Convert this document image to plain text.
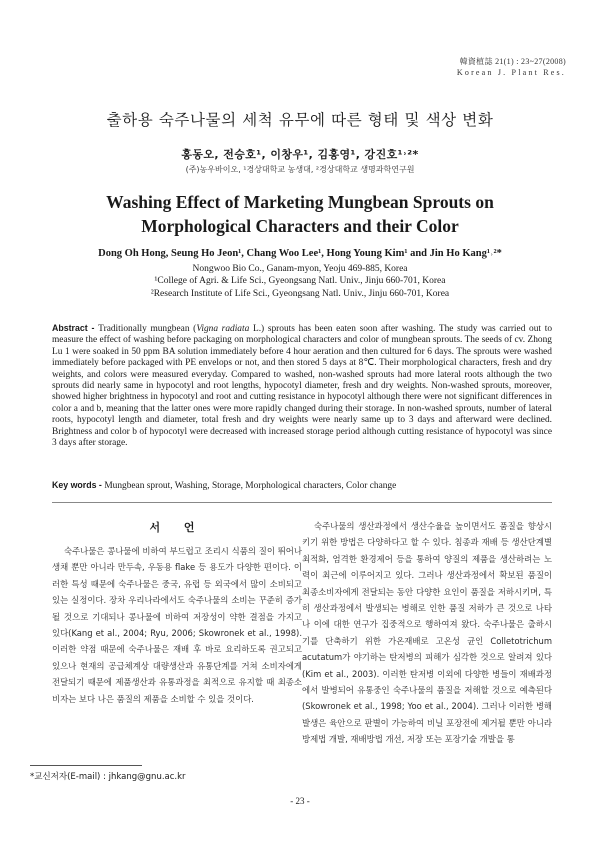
韓資植誌 21(1) : 23~27(2008)
Korean J. Plant Res.
출하용 숙주나물의 세척 유무에 따른 형태 및 색상 변화
홍동오, 전승호¹, 이창우¹, 김홍영¹, 강진호¹˒²*
(주)농우바이오, ¹경상대학교 농생대, ²경상대학교 생명과학연구원
Washing Effect of Marketing Mungbean Sprouts on
Morphological Characters and their Color
Dong Oh Hong, Seung Ho Jeon¹, Chang Woo Lee¹, Hong Young Kim¹ and Jin Ho Kang¹˒²*
Nongwoo Bio Co., Ganam-myon, Yeoju 469-885, Korea
¹College of Agri. & Life Sci., Gyeongsang Natl. Univ., Jinju 660-701, Korea
²Research Institute of Life Sci., Gyeongsang Natl. Univ., Jinju 660-701, Korea
Abstract - Traditionally mungbean (Vigna radiata L.) sprouts has been eaten soon after washing. The study was carried out to measure the effect of washing before packaging on morphological characters and color of mungbean sprouts. The seeds of cv. Zhong Lu 1 were soaked in 50 ppm BA solution immediately before 4 hour aeration and then cultured for 6 days. The sprouts were washed immediately before packaged with PE envelops or not, and then stored 5 days at 8℃. Their morphological characters, fresh and dry weights, and colors were measured everyday. Compared to washed, non-washed sprouts had more lateral roots although the two sprouts did nearly same in hypocotyl and root lengths, hypocotyl diameter, fresh and dry weights. Non-washed sprouts, moreover, showed higher brightness in hypocotyl and root and cutting resistance in hypocotyl although there were not significant differences in color a and b, meaning that the latter ones were more rapidly changed during their storage. In non-washed sprouts, number of lateral roots, hypocotyl length and diameter, total fresh and dry weights were nearly same up to 3 days and afterward were declined. Brightness and color b of hypocotyl were decreased with increased storage period although cutting resistance of hypocotyl was since 3 days after storage.
Key words - Mungbean sprout, Washing, Storage, Morphological characters, Color change
서 언

숙주나물은 콩나물에 비하여 부드럽고 조리시 식품의 질이 뛰어나 생채 뿐만 아니라 만두속, 우동용 flake 등 용도가 다양한 편이다. 이러한 특성 때문에 숙주나물은 중국, 유럽 등 외국에서 많이 소비되고 있는 실정이다. 장차 우리나라에서도 숙주나물의 소비는 꾸준히 증가될 것으로 기대되나 콩나물에 비하여 저장성이 약한 결점을 가지고 있다(Kang et al., 2004; Ryu, 2006; Skowronek et al., 1998). 이러한 약점 때문에 숙주나물은 재배 후 바로 요리하도록 권고되고 있으나 현재의 공급체계상 대량생산과 유통단계를 거쳐 소비자에게 전달되기 때문에 제품생산과 유통과정을 최적으로 유지할 때 최종소비자는 보다 나은 품질의 제품을 소비할 수 있을 것이다.

숙주나물의 생산과정에서 생산수율을 높이면서도 품질을 향상시키기 위한 방법은 다양하다고 할 수 있다. 침종과 재배 등 생산단계별 최적화, 엄격한 환경제어 등을 통하여 양질의 제품을 생산하려는 노력이 최근에 이루어지고 있다. 그러나 생산과정에서 확보된 품질이 최종소비자에게 전달되는 동안 다양한 요인이 품질을 저하시키며, 특히 생산과정에서 발생되는 병해로 인한 품질 저하가 큰 것으로 나타나 이에 대한 연구가 집중적으로 행하여져 왔다. 숙주나물은 출하시기를 단축하기 위한 가온재배로 고온성 균인 Colletotrichum acutatum가 야기하는 탄저병의 피해가 심각한 것으로 알려져 있다(Kim et al., 2003). 이러한 탄저병 이외에 다양한 병들이 재배과정에서 발병되어 유통중인 숙주나물의 품질을 저해할 것으로 예측된다(Skowronek et al., 1998; Yoo et al., 2004). 그러나 이러한 병해발생은 육안으로 판별이 가능하여 비닐 포장전에 제거될 뿐만 아니라 방제법 개발, 재배방법 개선, 저장 또는 포장기술 개발을 통

*교신저자(E-mail) : jhkang@gnu.ac.kr
- 23 -
